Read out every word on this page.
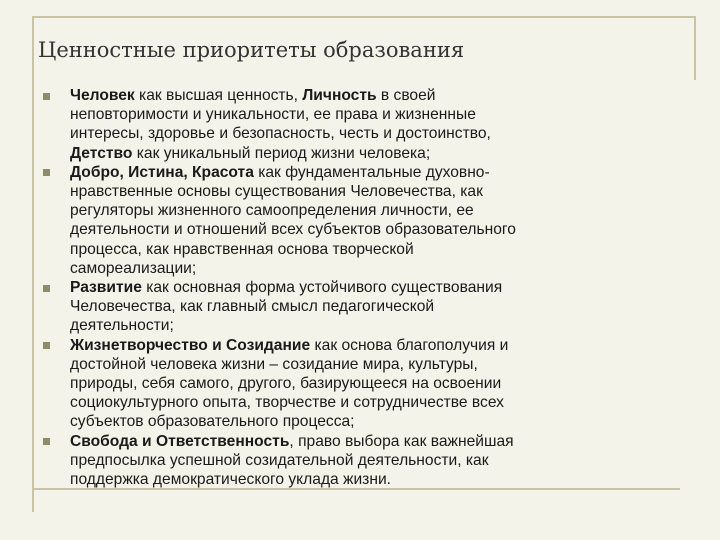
Ценностные приоритеты образования
Человек как высшая ценность, Личность в своей
неповторимости и уникальности, ее права и жизненные
интересы, здоровье и безопасность, честь и достоинство,
Детство как уникальный период жизни человека;
Добро, Истина, Красота как фундаментальные духовно-
нравственные основы существования Человечества, как
регуляторы жизненного самоопределения личности, ее
деятельности и отношений всех субъектов образовательного
процесса, как нравственная основа творческой
самореализации;
Развитие как основная форма устойчивого существования
Человечества, как главный смысл педагогической
деятельности;
Жизнетворчество и Созидание как основа благополучия и
достойной человека жизни – созидание мира, культуры,
природы, себя самого, другого, базирующееся на освоении
социокультурного опыта, творчестве и сотрудничестве всех
субъектов образовательного процесса;
Свобода и Ответственность, право выбора как важнейшая
предпосылка успешной созидательной деятельности, как
поддержка демократического уклада жизни.
